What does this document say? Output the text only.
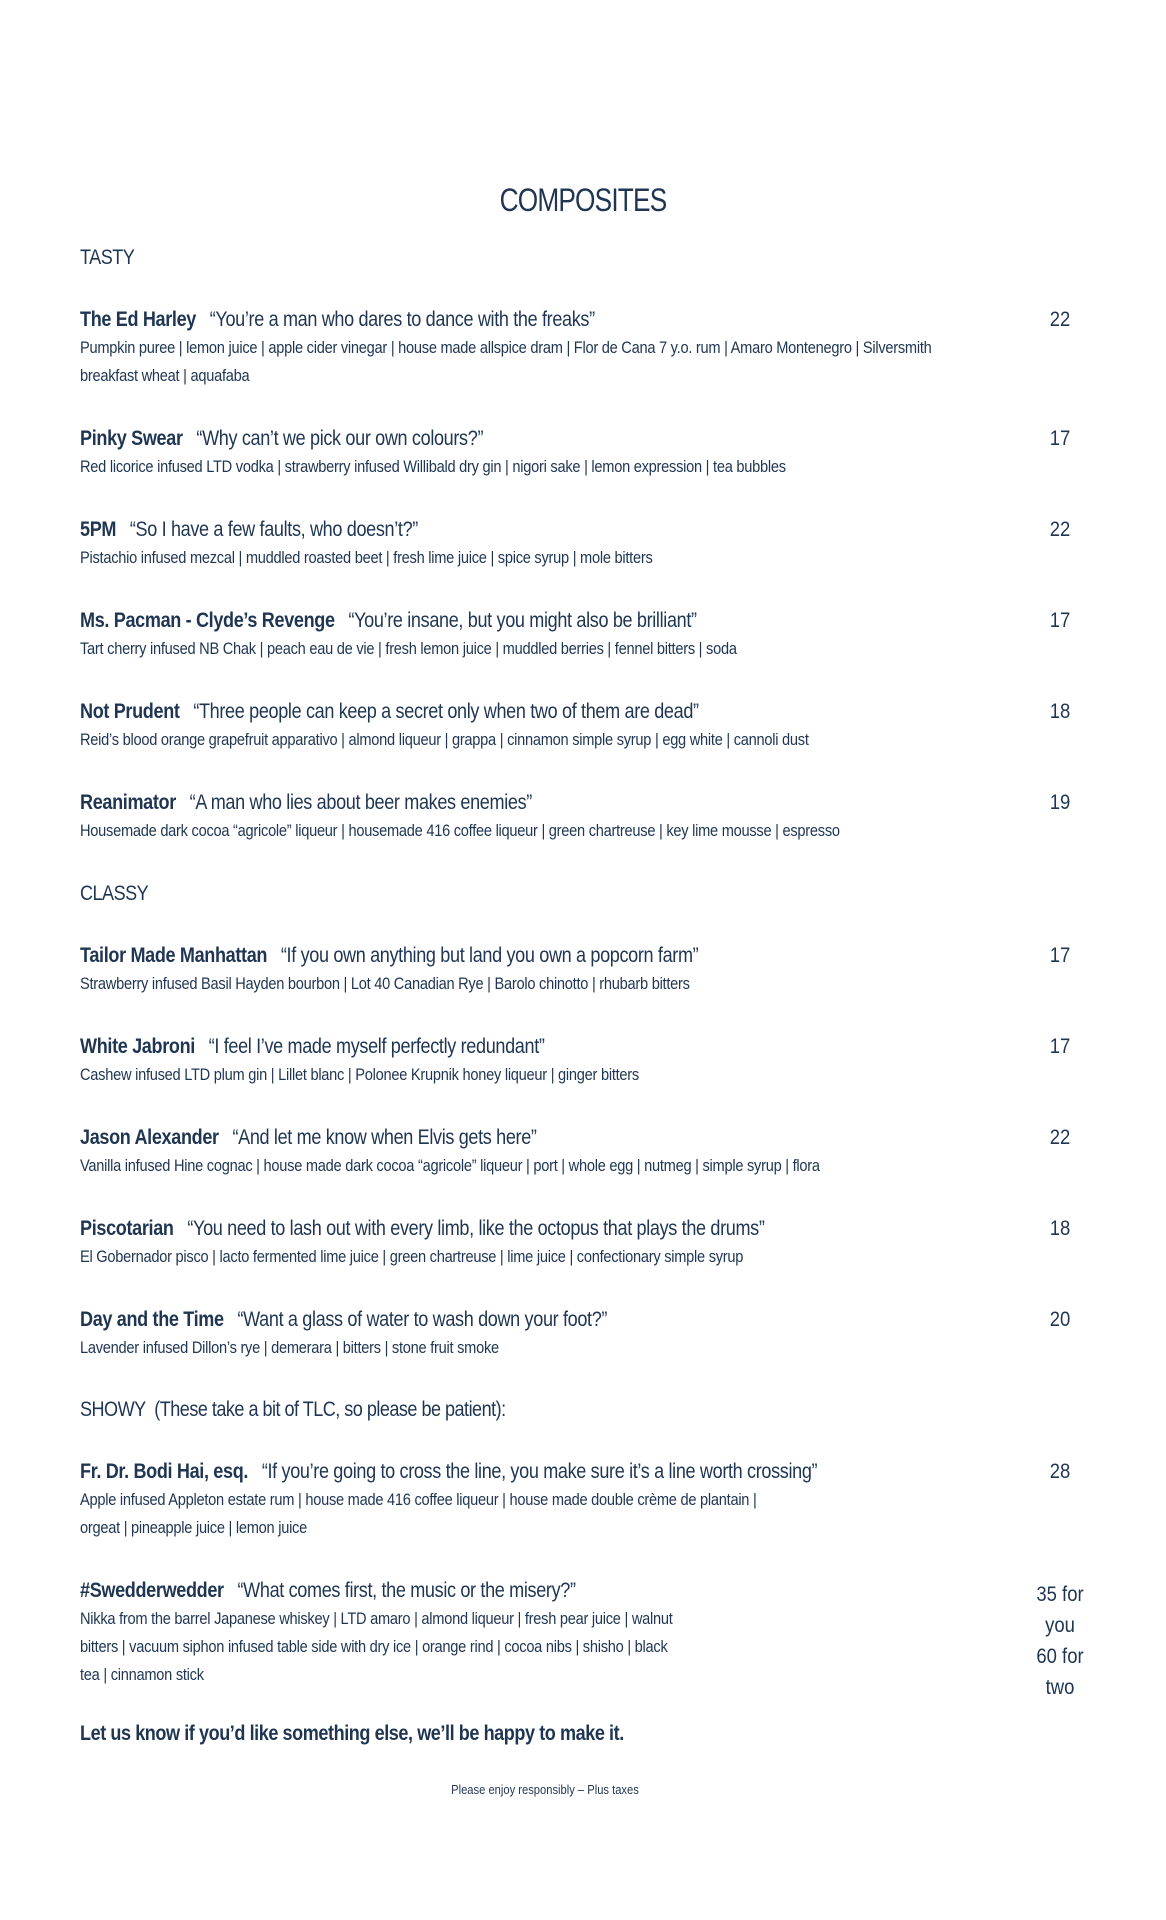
COMPOSITES
TASTY
The Ed Harley “You’re a man who dares to dance with the freaks”
Pumpkin puree | lemon juice | apple cider vinegar | house made allspice dram | Flor de Cana 7 y.o. rum | Amaro Montenegro | Silversmith breakfast wheat | aquafaba
22
Pinky Swear “Why can’t we pick our own colours?”
Red licorice infused LTD vodka | strawberry infused Willibald dry gin | nigori sake | lemon expression | tea bubbles
17
5PM “So I have a few faults, who doesn’t?”
Pistachio infused mezcal | muddled roasted beet | fresh lime juice | spice syrup | mole bitters
22
Ms. Pacman - Clyde’s Revenge “You’re insane, but you might also be brilliant”
Tart cherry infused NB Chak | peach eau de vie | fresh lemon juice | muddled berries | fennel bitters | soda
17
Not Prudent “Three people can keep a secret only when two of them are dead”
Reid’s blood orange grapefruit apparativo | almond liqueur | grappa | cinnamon simple syrup | egg white | cannoli dust
18
Reanimator “A man who lies about beer makes enemies”
Housemade dark cocoa “agricole” liqueur | housemade 416 coffee liqueur | green chartreuse | key lime mousse | espresso
19
CLASSY
Tailor Made Manhattan “If you own anything but land you own a popcorn farm”
Strawberry infused Basil Hayden bourbon | Lot 40 Canadian Rye | Barolo chinotto | rhubarb bitters
17
White Jabroni “I feel I’ve made myself perfectly redundant”
Cashew infused LTD plum gin | Lillet blanc | Polonee Krupnik honey liqueur | ginger bitters
17
Jason Alexander “And let me know when Elvis gets here”
Vanilla infused Hine cognac | house made dark cocoa “agricole” liqueur | port | whole egg | nutmeg | simple syrup | flora
22
Piscotarian “You need to lash out with every limb, like the octopus that plays the drums”
El Gobernador pisco | lacto fermented lime juice | green chartreuse | lime juice | confectionary simple syrup
18
Day and the Time “Want a glass of water to wash down your foot?”
Lavender infused Dillon’s rye | demerara | bitters | stone fruit smoke
20
SHOWY (These take a bit of TLC, so please be patient):
Fr. Dr. Bodi Hai, esq. “If you’re going to cross the line, you make sure it’s a line worth crossing”
Apple infused Appleton estate rum | house made 416 coffee liqueur | house made double crème de plantain | orgeat | pineapple juice | lemon juice
28
#Swedderwedder “What comes first, the music or the misery?”
Nikka from the barrel Japanese whiskey | LTD amaro | almond liqueur | fresh pear juice | walnut bitters | vacuum siphon infused table side with dry ice | orange rind | cocoa nibs | shisho | black tea | cinnamon stick
35 for
you
60 for
two
Let us know if you’d like something else, we’ll be happy to make it.
Please enjoy responsibly – Plus taxes
